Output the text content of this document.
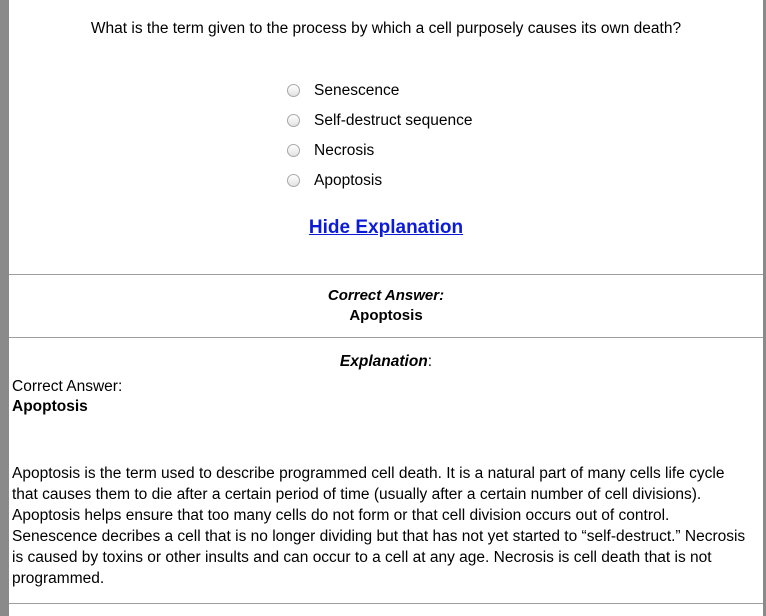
What is the term given to the process by which a cell purposely causes its own death?
Senescence
Self-destruct sequence
Necrosis
Apoptosis
Hide Explanation
Correct Answer:
Apoptosis
Explanation:
Correct Answer:
Apoptosis
Apoptosis is the term used to describe programmed cell death. It is a natural part of many cells life cycle that causes them to die after a certain period of time (usually after a certain number of cell divisions). Apoptosis helps ensure that too many cells do not form or that cell division occurs out of control. Senescence decribes a cell that is no longer dividing but that has not yet started to “self-destruct.” Necrosis is caused by toxins or other insults and can occur to a cell at any age. Necrosis is cell death that is not programmed.
